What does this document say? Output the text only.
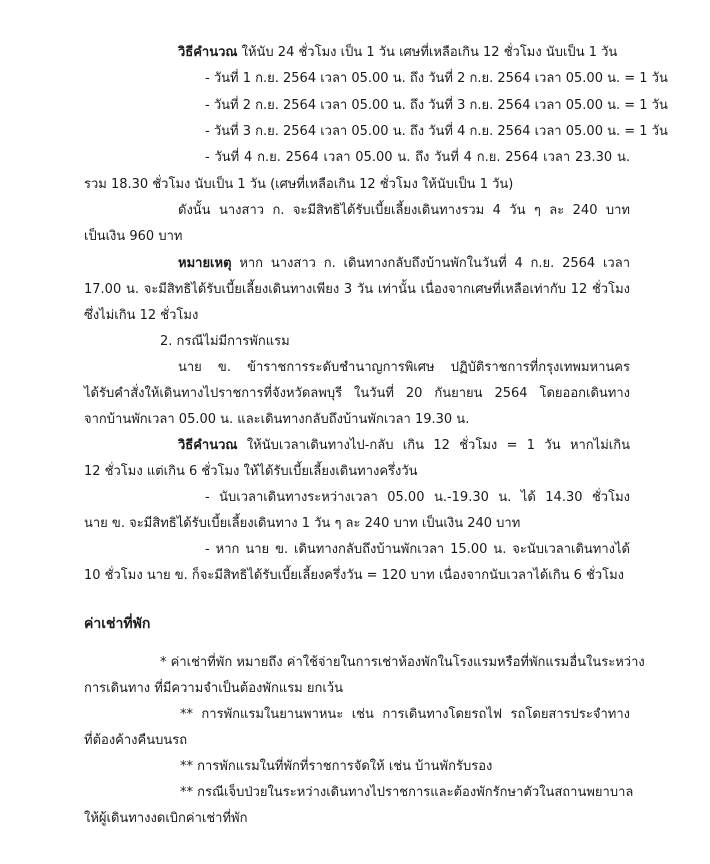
วิธีคำนวณ ให้นับ 24 ชั่วโมง เป็น 1 วัน เศษที่เหลือเกิน 12 ชั่วโมง นับเป็น 1 วัน
- วันที่ 1 ก.ย. 2564 เวลา 05.00 น. ถึง วันที่ 2 ก.ย. 2564 เวลา 05.00 น. = 1 วัน
- วันที่ 2 ก.ย. 2564 เวลา 05.00 น. ถึง วันที่ 3 ก.ย. 2564 เวลา 05.00 น. = 1 วัน
- วันที่ 3 ก.ย. 2564 เวลา 05.00 น. ถึง วันที่ 4 ก.ย. 2564 เวลา 05.00 น. = 1 วัน
- วันที่ 4 ก.ย. 2564 เวลา 05.00 น. ถึง วันที่ 4 ก.ย. 2564 เวลา 23.30 น.
รวม 18.30 ชั่วโมง นับเป็น 1 วัน (เศษที่เหลือเกิน 12 ชั่วโมง ให้นับเป็น 1 วัน)
ดังนั้น นางสาว ก. จะมีสิทธิได้รับเบี้ยเลี้ยงเดินทางรวม 4 วัน ๆ ละ 240 บาท
เป็นเงิน 960 บาท
หมายเหตุ หาก นางสาว ก. เดินทางกลับถึงบ้านพักในวันที่ 4 ก.ย. 2564 เวลา
17.00 น. จะมีสิทธิได้รับเบี้ยเลี้ยงเดินทางเพียง 3 วัน เท่านั้น เนื่องจากเศษที่เหลือเท่ากับ 12 ชั่วโมง
ซึ่งไม่เกิน 12 ชั่วโมง
2. กรณีไม่มีการพักแรม
นาย ข. ข้าราชการระดับชำนาญการพิเศษ ปฏิบัติราชการที่กรุงเทพมหานคร
ได้รับคำสั่งให้เดินทางไปราชการที่จังหวัดลพบุรี ในวันที่ 20 กันยายน 2564 โดยออกเดินทาง
จากบ้านพักเวลา 05.00 น. และเดินทางกลับถึงบ้านพักเวลา 19.30 น.
วิธีคำนวณ ให้นับเวลาเดินทางไป-กลับ เกิน 12 ชั่วโมง = 1 วัน หากไม่เกิน
12 ชั่วโมง แต่เกิน 6 ชั่วโมง ให้ได้รับเบี้ยเลี้ยงเดินทางครึ่งวัน
- นับเวลาเดินทางระหว่างเวลา 05.00 น.-19.30 น. ได้ 14.30 ชั่วโมง
นาย ข. จะมีสิทธิได้รับเบี้ยเลี้ยงเดินทาง 1 วัน ๆ ละ 240 บาท เป็นเงิน 240 บาท
- หาก นาย ข. เดินทางกลับถึงบ้านพักเวลา 15.00 น. จะนับเวลาเดินทางได้
10 ชั่วโมง นาย ข. ก็จะมีสิทธิได้รับเบี้ยเลี้ยงครึ่งวัน = 120 บาท เนื่องจากนับเวลาได้เกิน 6 ชั่วโมง
ค่าเช่าที่พัก
* ค่าเช่าที่พัก หมายถึง ค่าใช้จ่ายในการเช่าห้องพักในโรงแรมหรือที่พักแรมอื่นในระหว่าง
การเดินทาง ที่มีความจำเป็นต้องพักแรม ยกเว้น
** การพักแรมในยานพาหนะ เช่น การเดินทางโดยรถไฟ รถโดยสารประจำทาง
ที่ต้องค้างคืนบนรถ
** การพักแรมในที่พักที่ราชการจัดให้ เช่น บ้านพักรับรอง
** กรณีเจ็บป่วยในระหว่างเดินทางไปราชการและต้องพักรักษาตัวในสถานพยาบาล
ให้ผู้เดินทางงดเบิกค่าเช่าที่พัก
